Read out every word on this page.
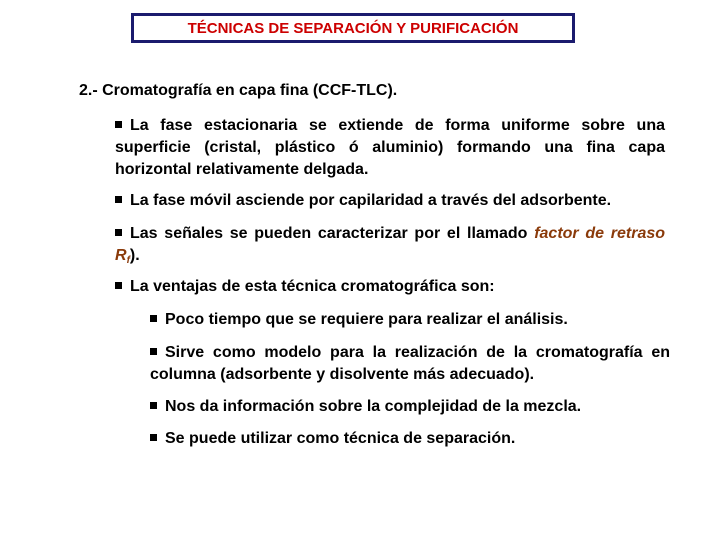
TÉCNICAS DE SEPARACIÓN Y PURIFICACIÓN
2.- Cromatografía en capa fina (CCF-TLC).
La fase estacionaria se extiende de forma uniforme sobre una superficie (cristal, plástico ó aluminio) formando una fina capa horizontal relativamente delgada.
La fase móvil asciende por capilaridad a través del adsorbente.
Las señales se pueden caracterizar por el llamado factor de retraso $R_f$).
La ventajas de esta técnica cromatográfica son:
Poco tiempo que se requiere para realizar el análisis.
Sirve como modelo para la realización de la cromatografía en columna (adsorbente y disolvente más adecuado).
Nos da información sobre la complejidad de la mezcla.
Se puede utilizar como técnica de separación.
